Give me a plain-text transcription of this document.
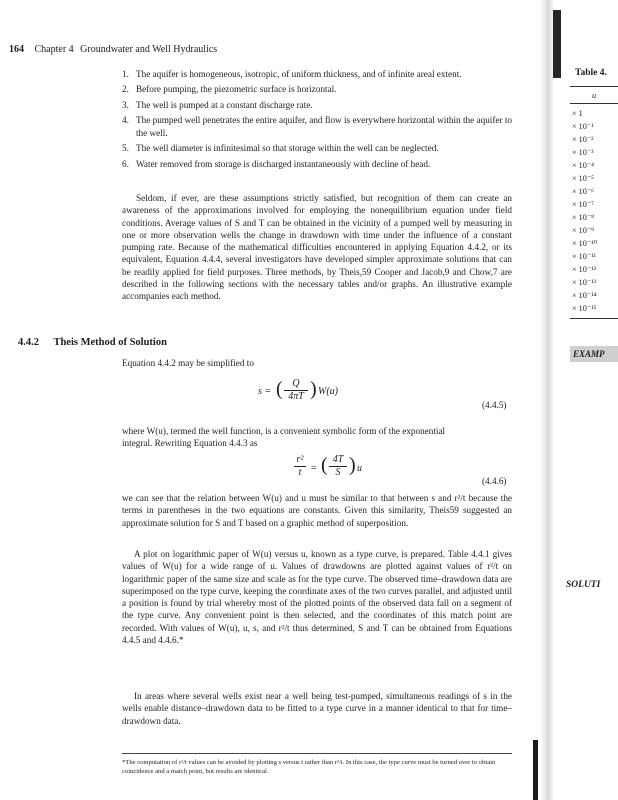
164 Chapter 4 Groundwater and Well Hydraulics
1. The aquifer is homogeneous, isotropic, of uniform thickness, and of infinite areal extent.
2. Before pumping, the piezometric surface is horizontal.
3. The well is pumped at a constant discharge rate.
4. The pumped well penetrates the entire aquifer, and flow is everywhere horizontal within the aquifer to the well.
5. The well diameter is infinitesimal so that storage within the well can be neglected.
6. Water removed from storage is discharged instantaneously with decline of head.
Seldom, if ever, are these assumptions strictly satisfied, but recognition of them can create an awareness of the approximations involved for employing the nonequilibrium equation under field conditions. Average values of S and T can be obtained in the vicinity of a pumped well by measuring in one or more observation wells the change in drawdown with time under the influence of a constant pumping rate. Because of the mathematical difficulties encountered in applying Equation 4.4.2, or its equivalent, Equation 4.4.4, several investigators have developed simpler approximate solutions that can be readily applied for field purposes. Three methods, by Theis,59 Cooper and Jacob,9 and Chow,7 are described in the following sections with the necessary tables and/or graphs. An illustrative example accompanies each method.
4.4.2 Theis Method of Solution
Equation 4.4.2 may be simplified to
s = ( $\frac{Q}{4\pi T}$ ) W(u)
(4.4.5)
where W(u), termed the well function, is a convenient symbolic form of the exponential
integral. Rewriting Equation 4.4.3 as
$\frac{\text{r²}}{t}$ = ( $\frac{4T}{S}$ ) u
(4.4.6)
we can see that the relation between W(u) and u must be similar to that between s and r²/t because the terms in parentheses in the two equations are constants. Given this similarity, Theis59 suggested an approximate solution for S and T based on a graphic method of superposition.
A plot on logarithmic paper of W(u) versus u, known as a type curve, is prepared. Table 4.4.1 gives values of W(u) for a wide range of u. Values of drawdowns are plotted against values of r²/t on logarithmic paper of the same size and scale as for the type curve. The observed time–drawdown data are superimposed on the type curve, keeping the coordinate axes of the two curves parallel, and adjusted until a position is found by trial whereby most of the plotted points of the observed data fall on a segment of the type curve. Any convenient point is then selected, and the coordinates of this match point are recorded. With values of W(u), u, s, and r²/t thus determined, S and T can be obtained from Equations 4.4.5 and 4.4.6.*
In areas where several wells exist near a well being test-pumped, simultaneous readings of s in the wells enable distance–drawdown data to be fitted to a type curve in a manner identical to that for time–drawdown data.
*The computation of r²/t values can be avoided by plotting s versus t rather than r²/t. In this case, the type curve must be turned over to obtain coincidence and a match point, but results are identical.
Table 4.
u
× 1
× 10⁻¹
× 10⁻²
× 10⁻³
× 10⁻⁴
× 10⁻⁵
× 10⁻⁶
× 10⁻⁷
× 10⁻⁸
× 10⁻⁹
× 10⁻¹⁰
× 10⁻¹¹
× 10⁻¹²
× 10⁻¹³
× 10⁻¹⁴
× 10⁻¹⁵
EXAMP
SOLUTI
